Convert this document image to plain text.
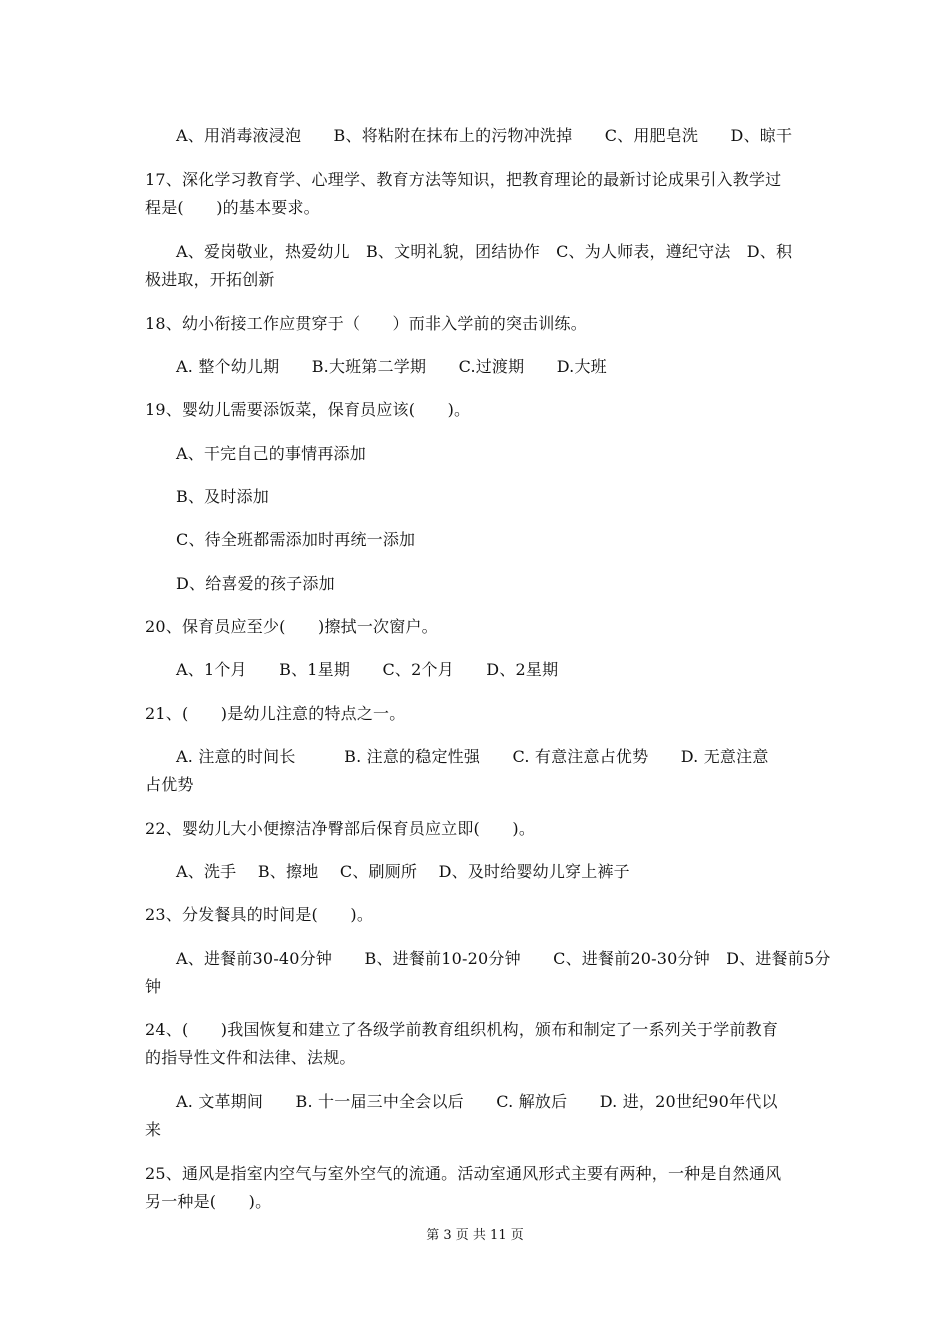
A、用消毒液浸泡　　B、将粘附在抹布上的污物冲洗掉　　C、用肥皂洗　　D、晾干
17、深化学习教育学、心理学、教育方法等知识，把教育理论的最新讨论成果引入教学过
程是(　　)的基本要求。
A、爱岗敬业，热爱幼儿　B、文明礼貌，团结协作　C、为人师表，遵纪守法　D、积
极进取，开拓创新
18、幼小衔接工作应贯穿于（　　）而非入学前的突击训练。
A. 整个幼儿期　　B.大班第二学期　　C.过渡期　　D.大班
19、婴幼儿需要添饭菜，保育员应该(　　)。
A、干完自己的事情再添加
B、及时添加
C、待全班都需添加时再统一添加
D、给喜爱的孩子添加
20、保育员应至少(　　)擦拭一次窗户。
A、1个月　　B、1星期　　C、2个月　　D、2星期
21、(　　)是幼儿注意的特点之一。
A. 注意的时间长　　　B. 注意的稳定性强　　C. 有意注意占优势　　D. 无意注意
占优势
22、婴幼儿大小便擦洁净臀部后保育员应立即(　　)。
A、洗手　 B、擦地　 C、刷厕所　 D、及时给婴幼儿穿上裤子
23、分发餐具的时间是(　　)。
A、进餐前30-40分钟　　B、进餐前10-20分钟　　C、进餐前20-30分钟　D、进餐前5分
钟
24、(　　)我国恢复和建立了各级学前教育组织机构，颁布和制定了一系列关于学前教育
的指导性文件和法律、法规。
A. 文革期间　　B. 十一届三中全会以后　　C. 解放后　　D. 进，20世纪90年代以
来
25、通风是指室内空气与室外空气的流通。活动室通风形式主要有两种，一种是自然通风
另一种是(　　)。
第 3 页 共 11 页
